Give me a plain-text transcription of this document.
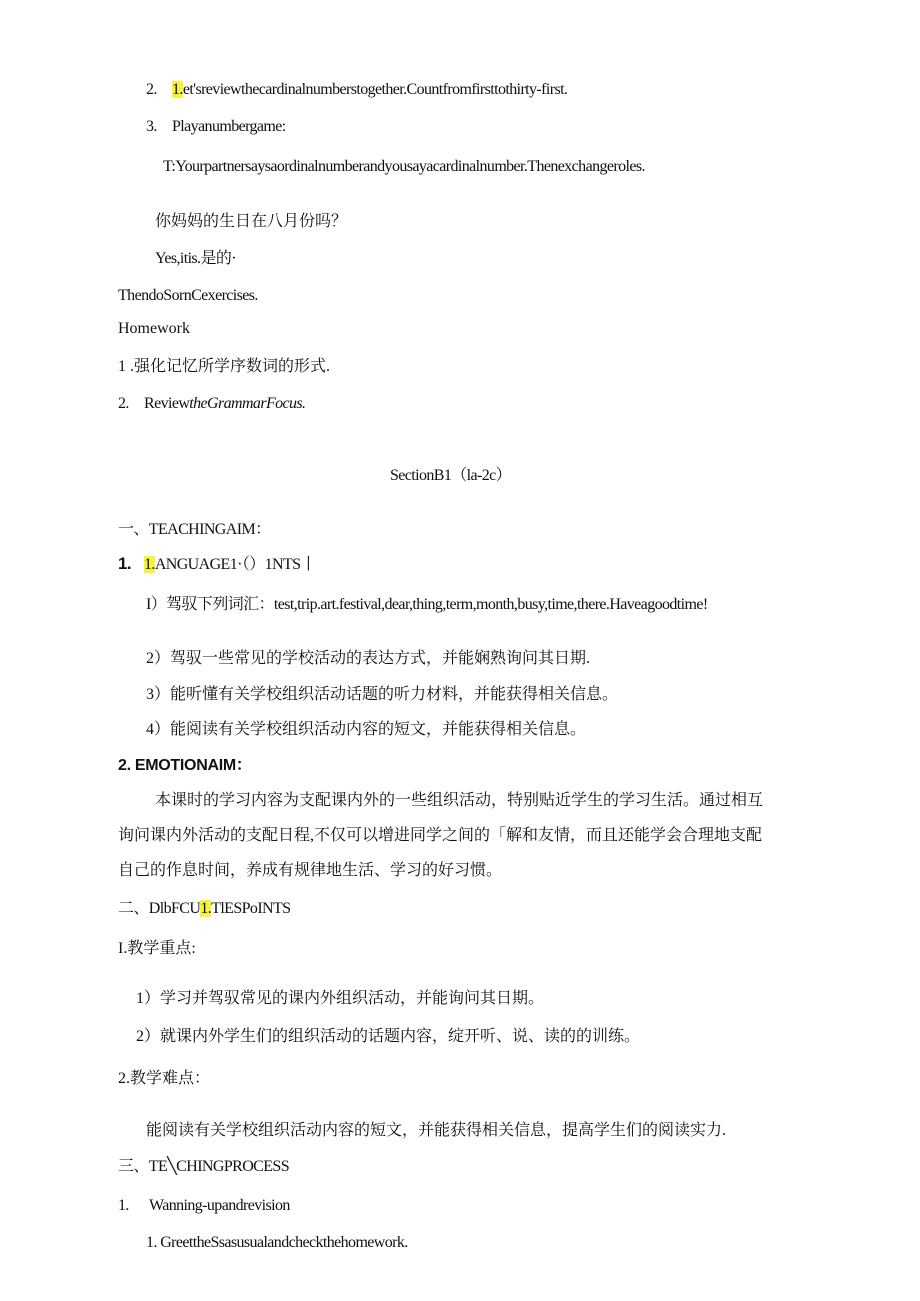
2. 1.et'sreviewthecardinalnumberstogether.Countfromfirsttothirty-first.
3. Playanumbergame:
T:Yourpartnersaysaordinalnumberandyousayacardinalnumber.Thenexchangeroles.
你妈妈的生日在八月份吗？
Yes,itis.是的·
ThendoSornCexercises.
Homework
1 .强化记忆所学序数词的形式.
2. ReviewtheGrammarFocus.
SectionB1（la-2c）
一、TEACHINGAIM：
1. 1.ANGUAGE1·（）1NTS丨
I）驾驭下列词汇：test,trip.art.festival,dear,thing,term,month,busy,time,there.Haveagoodtime!
2）驾驭一些常见的学校活动的表达方式，并能娴熟询问其日期.
3）能听懂有关学校组织活动话题的听力材料，并能获得相关信息。
4）能阅读有关学校组织活动内容的短文，并能获得相关信息。
2. EMOTIONAIM：
本课时的学习内容为支配课内外的一些组织活动，特别贴近学生的学习生活。通过相互
询问课内外活动的支配日程,不仅可以增进同学之间的「解和友情，而且还能学会合理地支配
自己的作息时间，养成有规律地生活、学习的好习惯。
二、DlbFCU1.TlESPoINTS
I.教学重点:
1）学习并驾驭常见的课内外组织活动，并能询问其日期。
2）就课内外学生们的组织活动的话题内容，绽开听、说、读的的训练。
2.教学难点：
能阅读有关学校组织活动内容的短文，并能获得相关信息，提高学生们的阅读实力.
三、TE╲CHINGPROCESS
1. Wanning-upandrevision
1. GreettheSsasusualandcheckthehomework.
